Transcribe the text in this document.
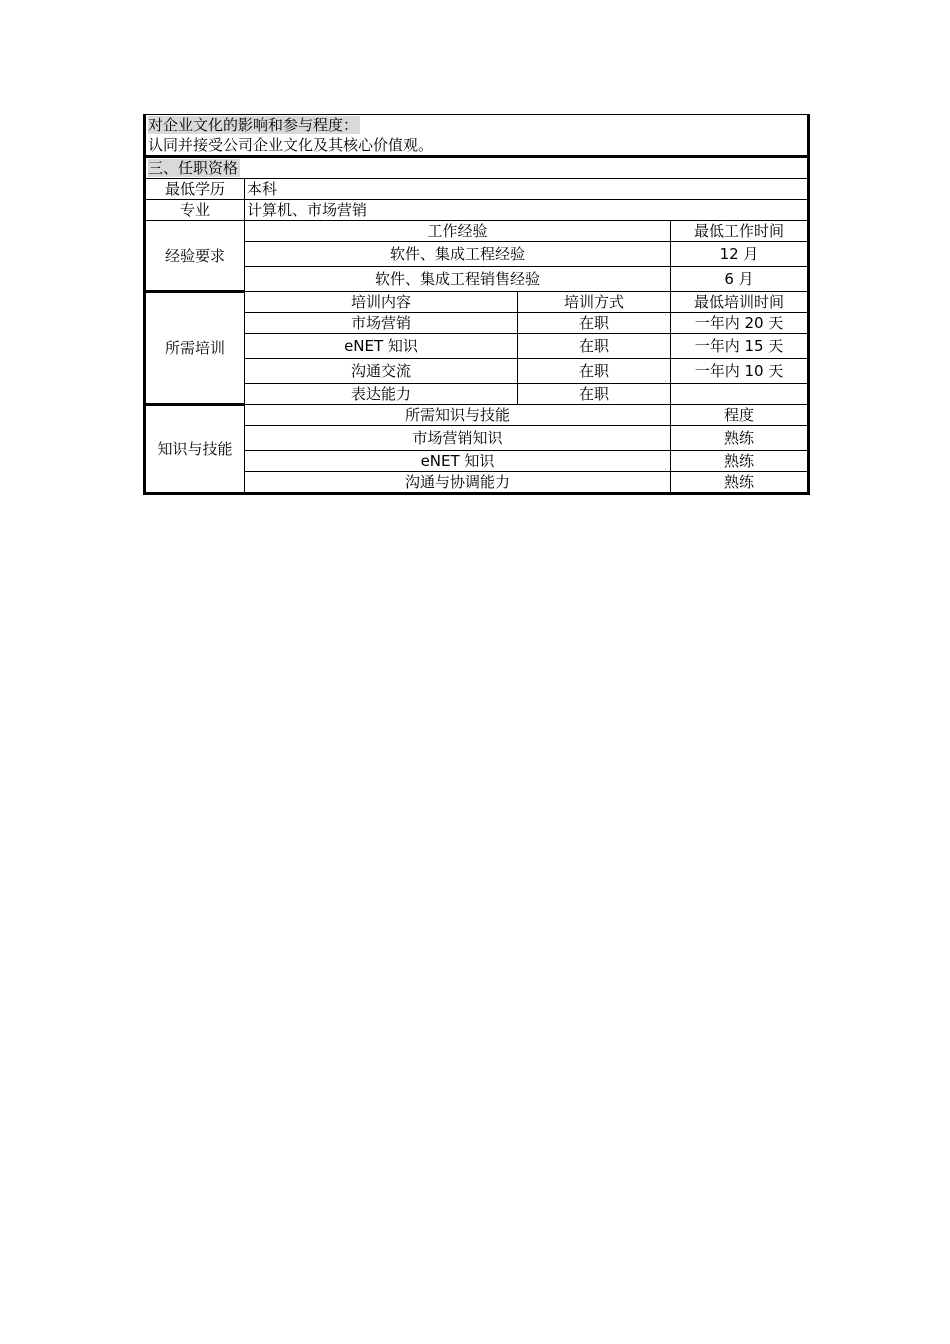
对企业文化的影响和参与程度：			
认同并接受公司企业文化及其核心价值观。			
三、任职资格			
最低学历	本科		
专业	计算机、市场营销		
经验要求	工作经验		最低工作时间
	软件、集成工程经验		12 月
	软件、集成工程销售经验		6 月
所需培训	培训内容	培训方式	最低培训时间
	市场营销	在职	一年内 20 天
	eNET 知识	在职	一年内 15 天
	沟通交流	在职	一年内 10 天
	表达能力	在职	
知识与技能	所需知识与技能		程度
	市场营销知识		熟练
	eNET 知识		熟练
	沟通与协调能力		熟练
